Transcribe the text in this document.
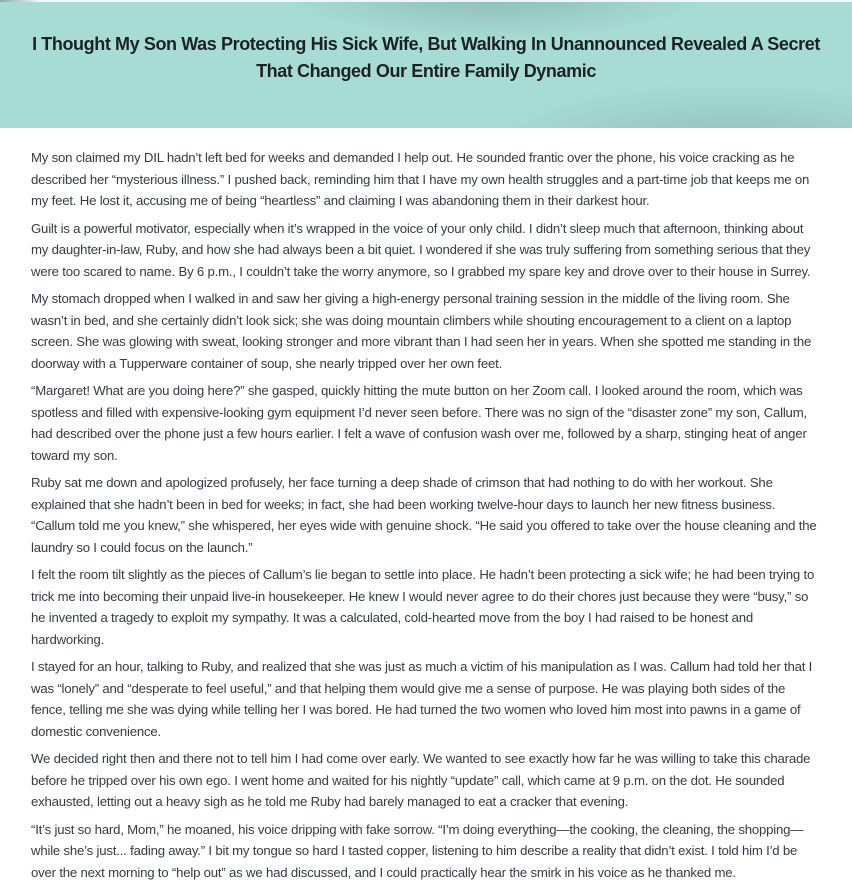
I Thought My Son Was Protecting His Sick Wife, But Walking In Unannounced Revealed A Secret That Changed Our Entire Family Dynamic

My son claimed my DIL hadn’t left bed for weeks and demanded I help out. He sounded frantic over the phone, his voice cracking as he described her “mysterious illness.” I pushed back, reminding him that I have my own health struggles and a part-time job that keeps me on my feet. He lost it, accusing me of being “heartless” and claiming I was abandoning them in their darkest hour.

Guilt is a powerful motivator, especially when it’s wrapped in the voice of your only child. I didn’t sleep much that afternoon, thinking about my daughter-in-law, Ruby, and how she had always been a bit quiet. I wondered if she was truly suffering from something serious that they were too scared to name. By 6 p.m., I couldn’t take the worry anymore, so I grabbed my spare key and drove over to their house in Surrey.

My stomach dropped when I walked in and saw her giving a high-energy personal training session in the middle of the living room. She wasn’t in bed, and she certainly didn’t look sick; she was doing mountain climbers while shouting encouragement to a client on a laptop screen. She was glowing with sweat, looking stronger and more vibrant than I had seen her in years. When she spotted me standing in the doorway with a Tupperware container of soup, she nearly tripped over her own feet.

“Margaret! What are you doing here?” she gasped, quickly hitting the mute button on her Zoom call. I looked around the room, which was spotless and filled with expensive-looking gym equipment I’d never seen before. There was no sign of the “disaster zone” my son, Callum, had described over the phone just a few hours earlier. I felt a wave of confusion wash over me, followed by a sharp, stinging heat of anger toward my son.

Ruby sat me down and apologized profusely, her face turning a deep shade of crimson that had nothing to do with her workout. She explained that she hadn’t been in bed for weeks; in fact, she had been working twelve-hour days to launch her new fitness business. “Callum told me you knew,” she whispered, her eyes wide with genuine shock. “He said you offered to take over the house cleaning and the laundry so I could focus on the launch.”

I felt the room tilt slightly as the pieces of Callum’s lie began to settle into place. He hadn’t been protecting a sick wife; he had been trying to trick me into becoming their unpaid live-in housekeeper. He knew I would never agree to do their chores just because they were “busy,” so he invented a tragedy to exploit my sympathy. It was a calculated, cold-hearted move from the boy I had raised to be honest and hardworking.

I stayed for an hour, talking to Ruby, and realized that she was just as much a victim of his manipulation as I was. Callum had told her that I was “lonely” and “desperate to feel useful,” and that helping them would give me a sense of purpose. He was playing both sides of the fence, telling me she was dying while telling her I was bored. He had turned the two women who loved him most into pawns in a game of domestic convenience.

We decided right then and there not to tell him I had come over early. We wanted to see exactly how far he was willing to take this charade before he tripped over his own ego. I went home and waited for his nightly “update” call, which came at 9 p.m. on the dot. He sounded exhausted, letting out a heavy sigh as he told me Ruby had barely managed to eat a cracker that evening.

“It’s just so hard, Mom,” he moaned, his voice dripping with fake sorrow. “I’m doing everything—the cooking, the cleaning, the shopping—while she’s just... fading away.” I bit my tongue so hard I tasted copper, listening to him describe a reality that didn’t exist. I told him I’d be over the next morning to “help out” as we had discussed, and I could practically hear the smirk in his voice as he thanked me.
